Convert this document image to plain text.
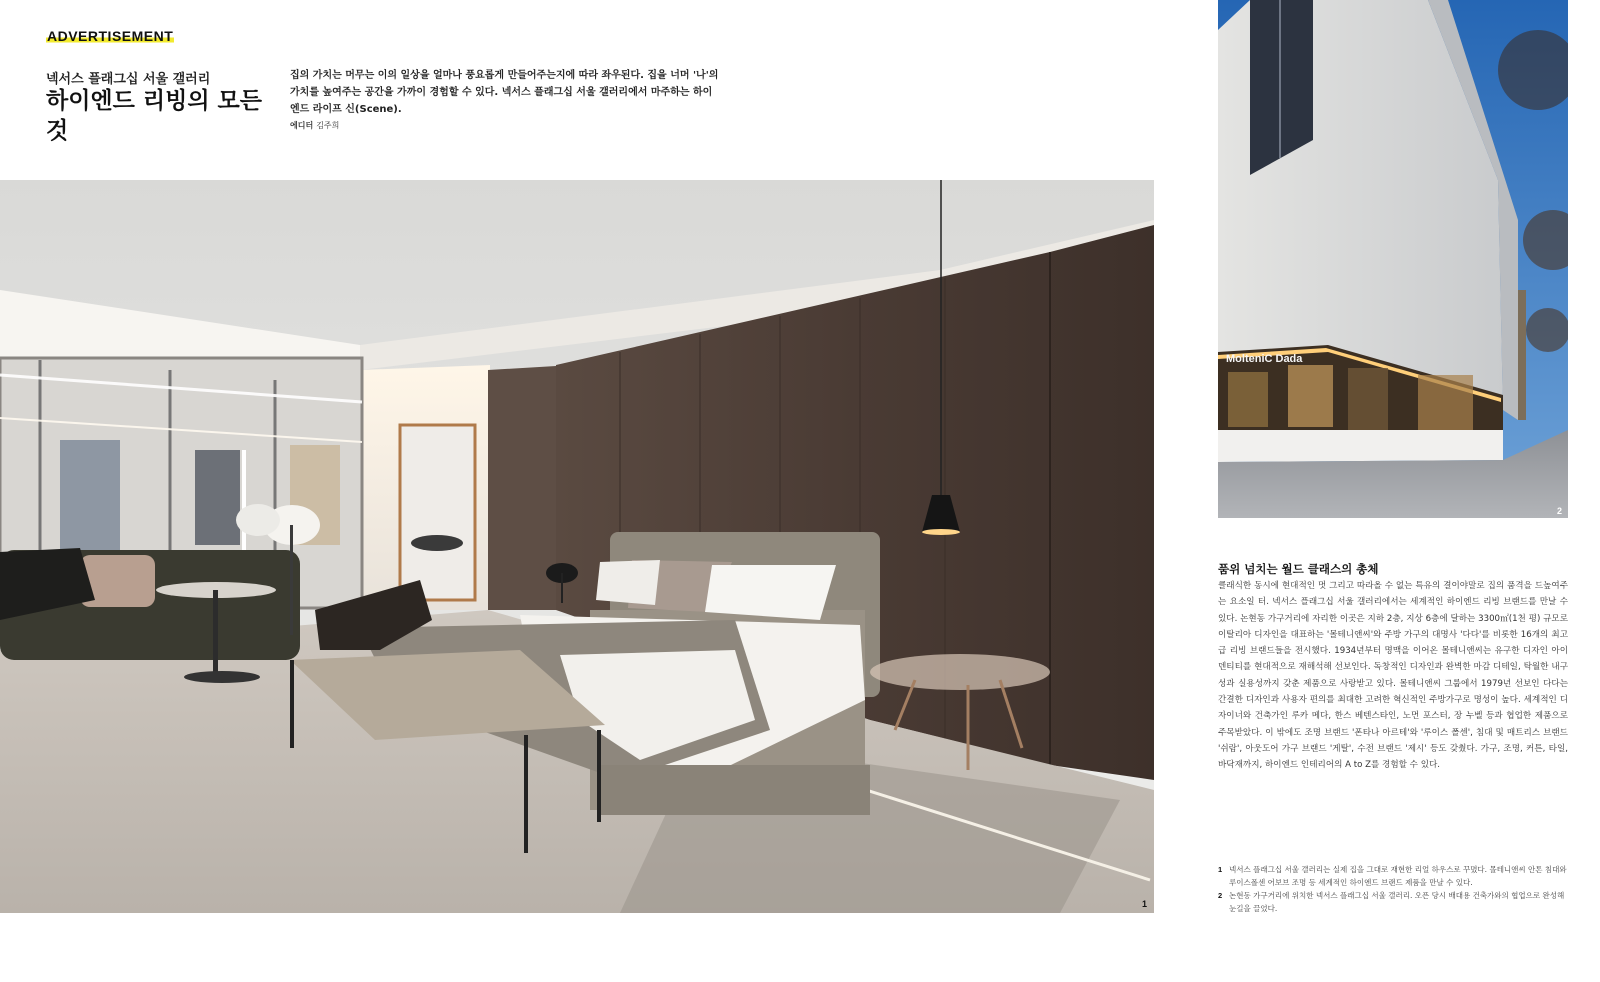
ADVERTISEMENT
넥서스 플래그십 서울 갤러리
하이엔드 리빙의 모든 것
집의 가치는 머무는 이의 일상을 얼마나 풍요롭게 만들어주는지에 따라 좌우된다. 집을 너머 '나'의 가치를 높여주는 공간을 가까이 경험할 수 있다. 넥서스 플래그십 서울 갤러리에서 마주하는 하이엔드 라이프 신(Scene).
에디터 김주희
1
MolteniC Dada
2
품위 넘치는 월드 클래스의 총체
클래식한 동시에 현대적인 멋 그리고 따라올 수 없는 특유의 결이야말로 집의 품격을 드높여주는 요소일 터. 넥서스 플래그십 서울 갤러리에서는 세계적인 하이엔드 리빙 브랜드를 만날 수 있다. 논현동 가구거리에 자리한 이곳은 지하 2층, 지상 6층에 달하는 3300㎡(1천 평) 규모로 이탈리아 디자인을 대표하는 '몰테니앤씨'와 주방 가구의 대명사 '다다'를 비롯한 16개의 최고급 리빙 브랜드들을 전시했다. 1934년부터 명맥을 이어온 몰테니앤씨는 유구한 디자인 아이덴티티를 현대적으로 재해석해 선보인다. 독창적인 디자인과 완벽한 마감 디테일, 탁월한 내구성과 실용성까지 갖춘 제품으로 사랑받고 있다. 몰테니앤씨 그룹에서 1979년 선보인 다다는 간결한 디자인과 사용자 편의를 최대한 고려한 혁신적인 주방가구로 명성이 높다. 세계적인 디자이너와 건축가인 루카 메다, 한스 베텐스타인, 노먼 포스터, 장 누벨 등과 협업한 제품으로 주목받았다. 이 밖에도 조명 브랜드 '폰타나 아르테'와 '루이스 폴센', 침대 및 매트리스 브랜드 '쉬람', 아웃도어 가구 브랜드 '게탈', 수전 브랜드 '제시' 등도 갖췄다. 가구, 조명, 커튼, 타일, 바닥재까지, 하이엔드 인테리어의 A to Z를 경험할 수 있다.
1 넥서스 플래그십 서울 갤러리는 실제 집을 그대로 재현한 리얼 하우스로 꾸몄다. 몰테니앤씨 안톤 침대와 루이스폴센 어보브 조명 등 세계적인 하이엔드 브랜드 제품을 만날 수 있다.
2 논현동 가구거리에 위치한 넥서스 플래그십 서울 갤러리. 오픈 당시 배대용 건축가와의 협업으로 완성해 눈길을 끌었다.
